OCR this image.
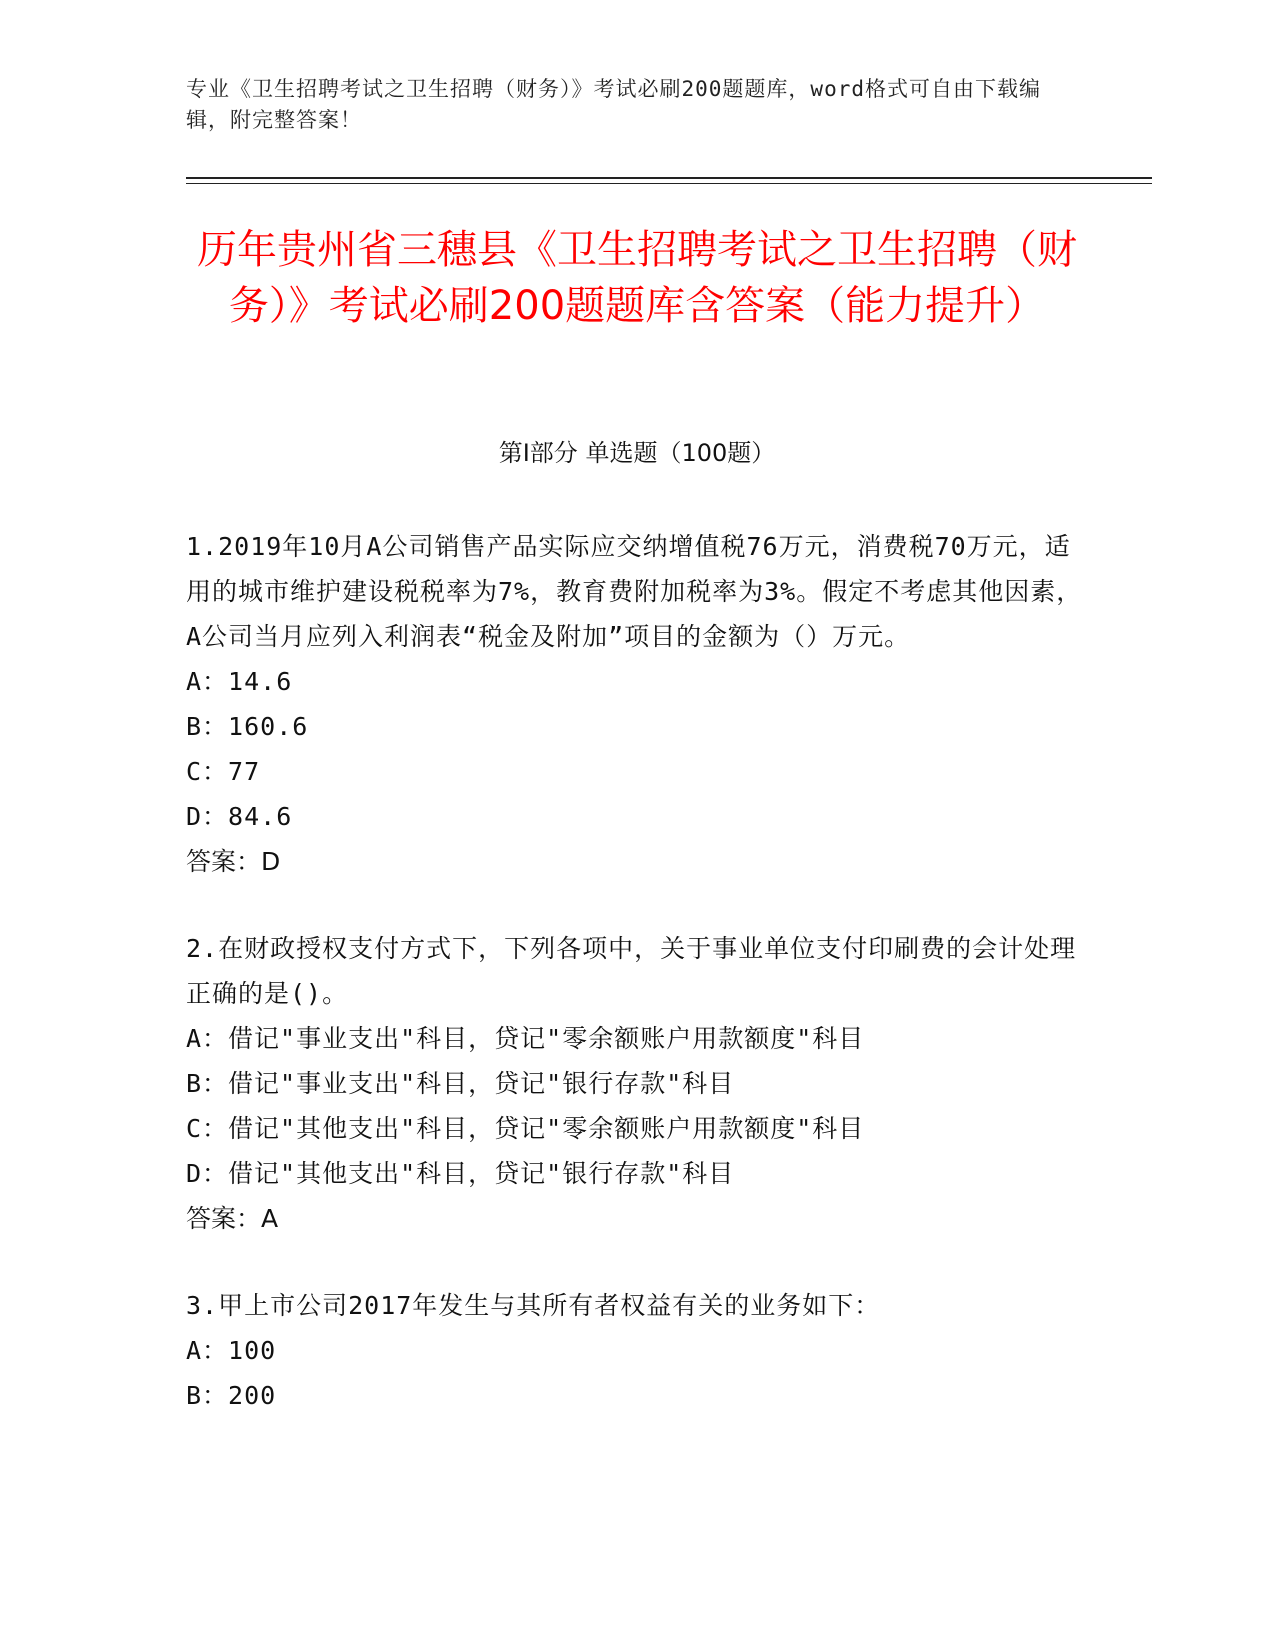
专业《卫生招聘考试之卫生招聘（财务）》考试必刷200题题库，word格式可自由下载编辑，附完整答案！
历年贵州省三穗县《卫生招聘考试之卫生招聘（财务）》考试必刷200题题库含答案（能力提升）
第Ⅰ部分 单选题（100题）
1.2019年10月A公司销售产品实际应交纳增值税76万元，消费税70万元，适用的城市维护建设税税率为7%，教育费附加税率为3%。假定不考虑其他因素，A公司当月应列入利润表“税金及附加”项目的金额为（）万元。
A：14.6
B：160.6
C：77
D：84.6
答案：D
2.在财政授权支付方式下，下列各项中，关于事业单位支付印刷费的会计处理正确的是()。
A：借记"事业支出"科目，贷记"零余额账户用款额度"科目
B：借记"事业支出"科目，贷记"银行存款"科目
C：借记"其他支出"科目，贷记"零余额账户用款额度"科目
D：借记"其他支出"科目，贷记"银行存款"科目
答案：A
3.甲上市公司2017年发生与其所有者权益有关的业务如下：
A：100
B：200
